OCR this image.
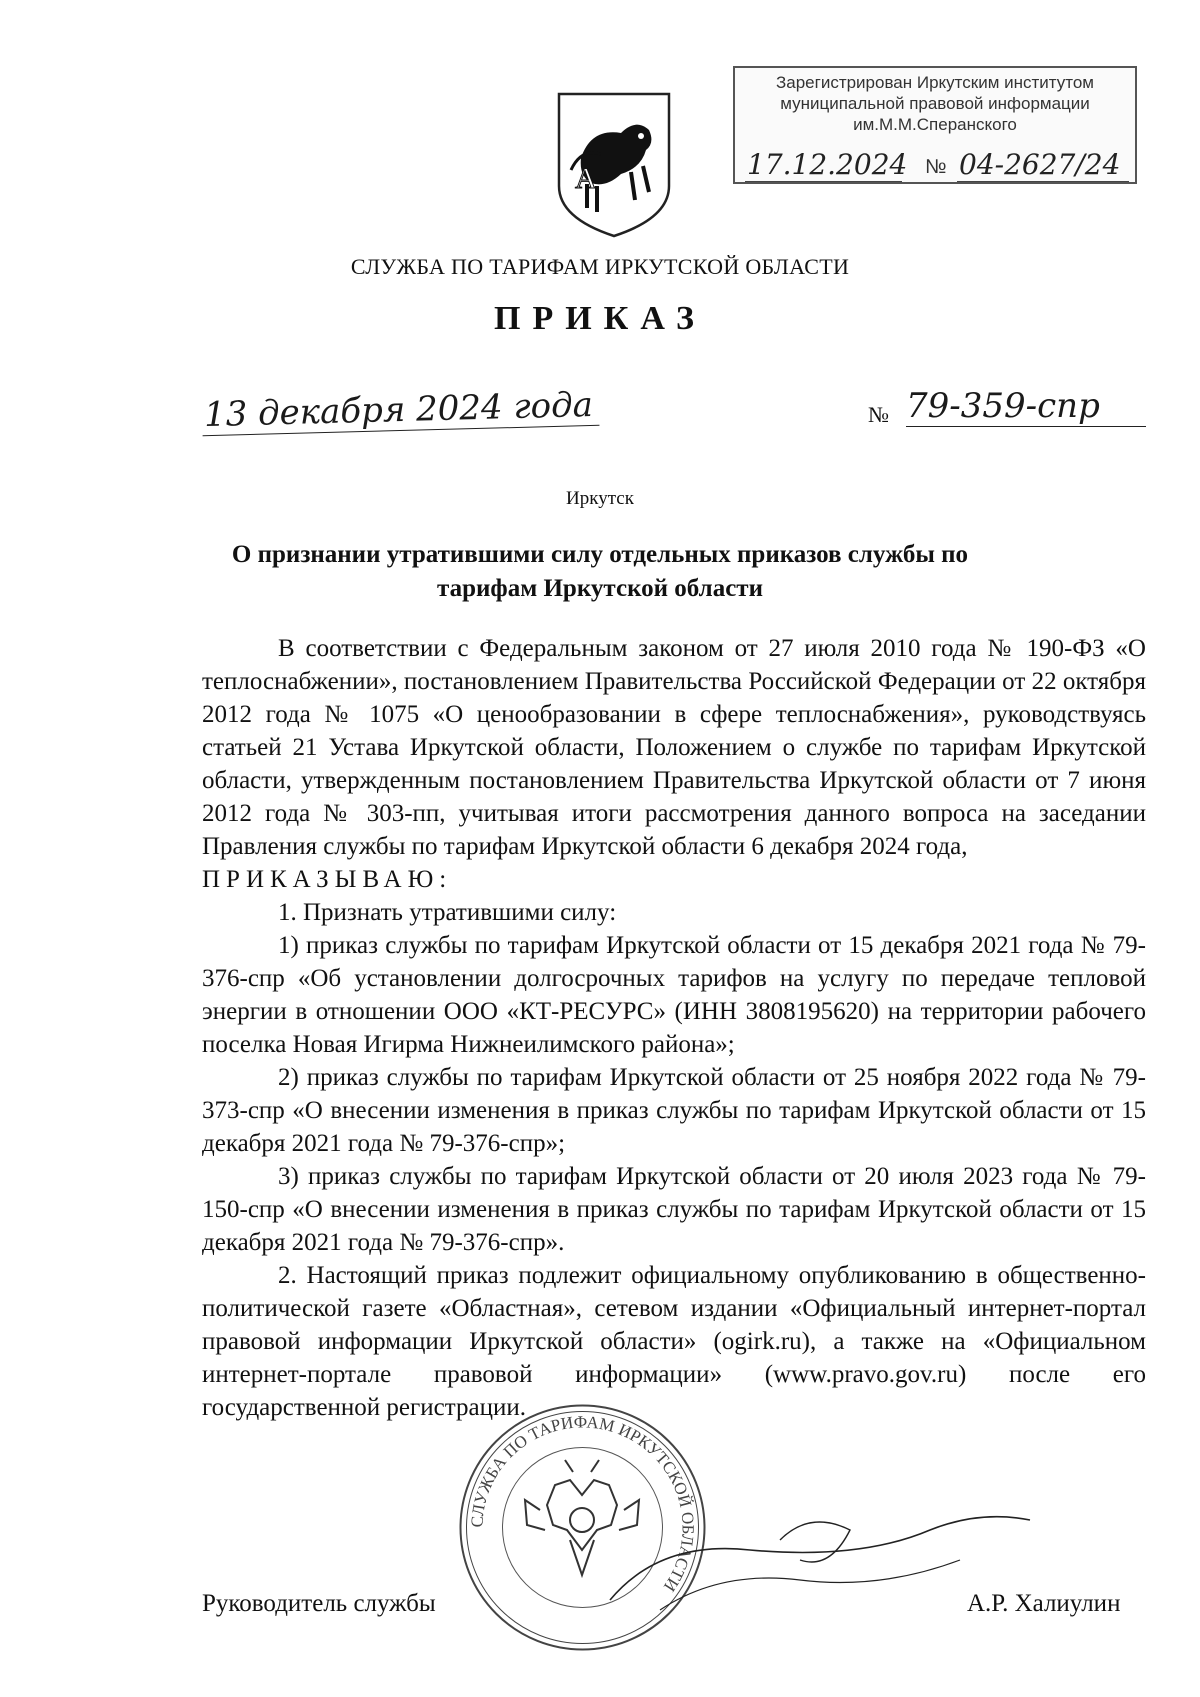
А
Зарегистрирован Иркутским институтом
муниципальной правовой информации
им.М.М.Сперанского
17.12.2024 № 04-2627/24
СЛУЖБА ПО ТАРИФАМ ИРКУТСКОЙ ОБЛАСТИ
ПРИКАЗ
13 декабря 2024 года	№ 79-359-спр
Иркутск
О признании утратившими силу отдельных приказов службы по тарифам Иркутской области

В соответствии с Федеральным законом от 27 июля 2010 года № 190-ФЗ «О теплоснабжении», постановлением Правительства Российской Федерации от 22 октября 2012 года № 1075 «О ценообразовании в сфере теплоснабжения», руководствуясь статьей 21 Устава Иркутской области, Положением о службе по тарифам Иркутской области, утвержденным постановлением Правительства Иркутской области от 7 июня 2012 года № 303-пп, учитывая итоги рассмотрения данного вопроса на заседании Правления службы по тарифам Иркутской области 6 декабря 2024 года,

ПРИКАЗЫВАЮ:

1. Признать утратившими силу:

1) приказ службы по тарифам Иркутской области от 15 декабря 2021 года № 79-376-спр «Об установлении долгосрочных тарифов на услугу по передаче тепловой энергии в отношении ООО «КТ-РЕСУРС» (ИНН 3808195620) на территории рабочего поселка Новая Игирма Нижнеилимского района»;

2) приказ службы по тарифам Иркутской области от 25 ноября 2022 года № 79-373-спр «О внесении изменения в приказ службы по тарифам Иркутской области от 15 декабря 2021 года № 79-376-спр»;

3) приказ службы по тарифам Иркутской области от 20 июля 2023 года № 79-150-спр «О внесении изменения в приказ службы по тарифам Иркутской области от 15 декабря 2021 года № 79-376-спр».

2. Настоящий приказ подлежит официальному опубликованию в общественно-политической газете «Областная», сетевом издании «Официальный интернет-портал правовой информации Иркутской области» (ogirk.ru), а также на «Официальном интернет-портале правовой информации» (www.pravo.gov.ru) после его государственной регистрации.

СЛУЖБА ПО ТАРИФАМ ИРКУТСКОЙ ОБЛАСТИ
Руководитель службы	А.Р. Халиулин
